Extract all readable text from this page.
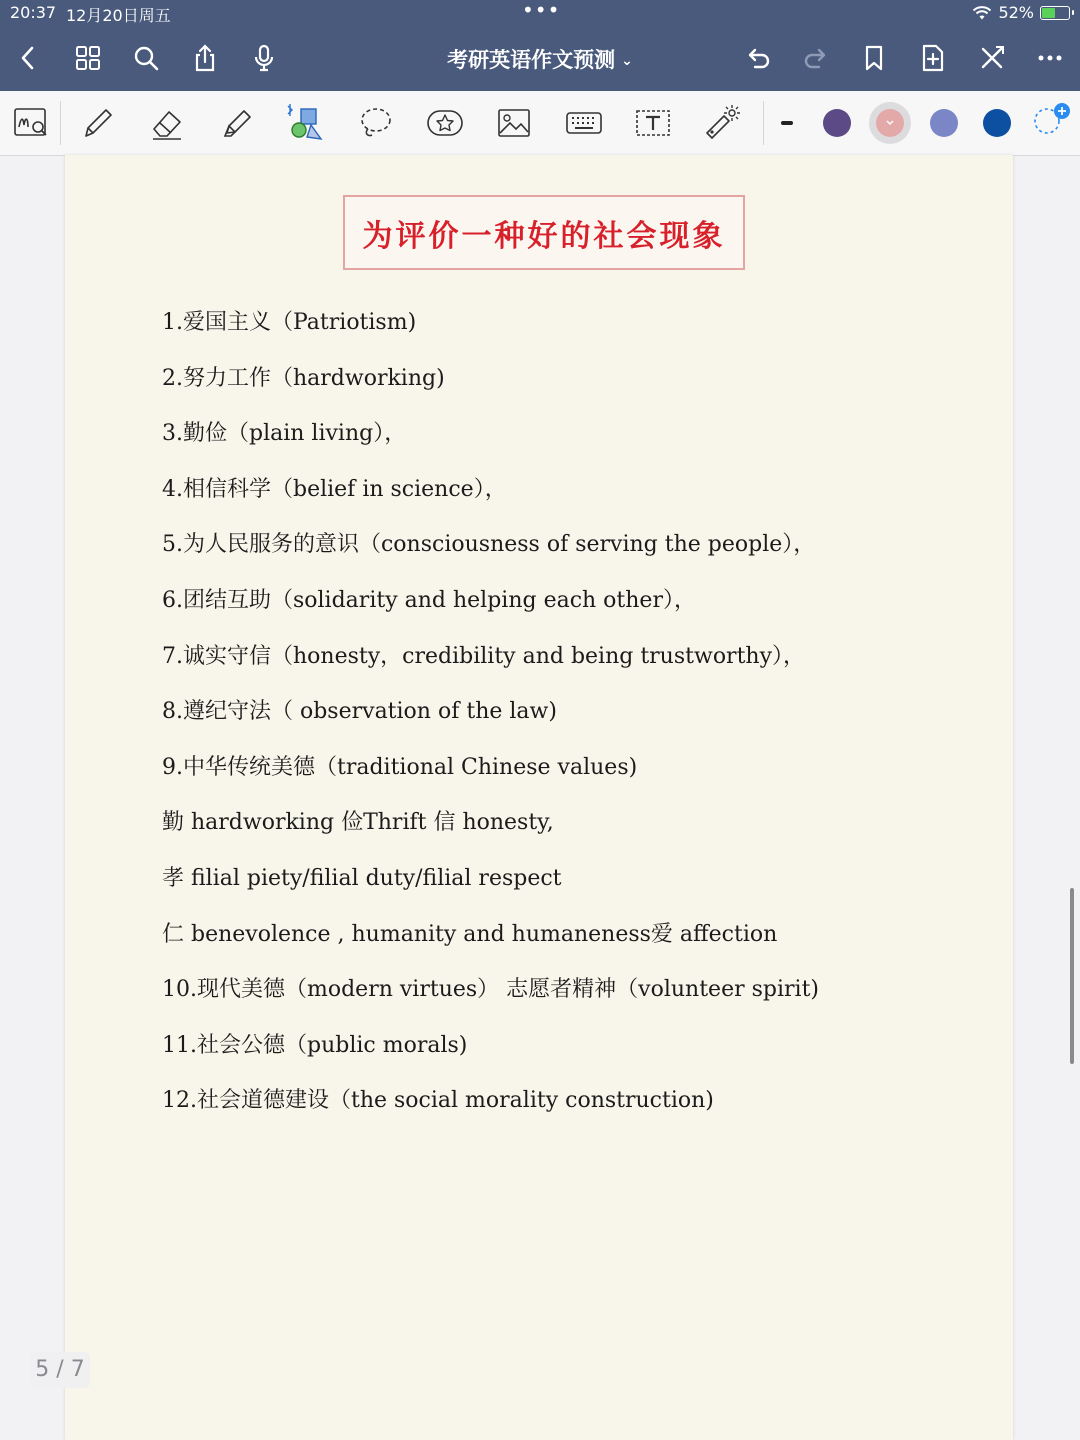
20:37 12月20日周五	•••	52%
考研英语作文预测 ⌄
为评价一种好的社会现象
1.爱国主义（Patriotism)
2.努力工作（hardworking)
3.勤俭（plain living），
4.相信科学（belief in science），
5.为人民服务的意识（consciousness of serving the people），
6.团结互助（solidarity and helping each other），
7.诚实守信（honesty，credibility and being trustworthy），
8.遵纪守法（ observation of the law)
9.中华传统美德（traditional Chinese values)
勤 hardworking 俭Thrift 信 honesty,
孝 filial piety/filial duty/filial respect
仁 benevolence , humanity and humaneness爱 affection
10.现代美德（modern virtues） 志愿者精神（volunteer spirit)
11.社会公德（public morals)
12.社会道德建设（the social morality construction)
5 / 7
